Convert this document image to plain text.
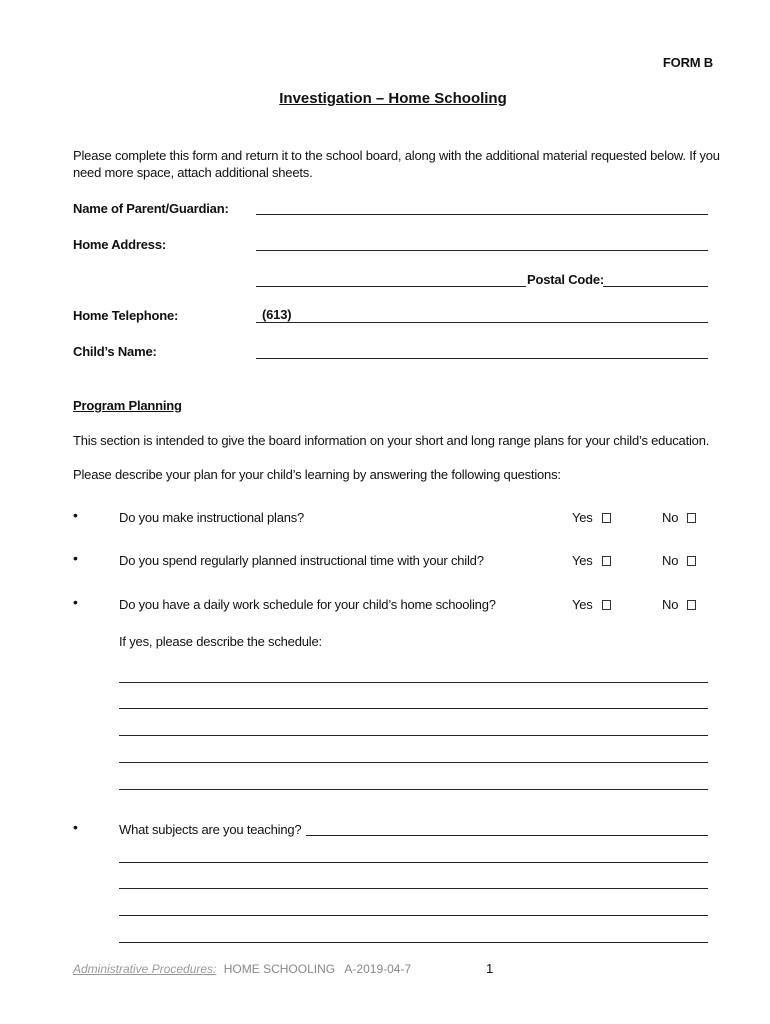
FORM B
Investigation – Home Schooling
Please complete this form and return it to the school board, along with the additional material requested below. If you need more space, attach additional sheets.
Name of Parent/Guardian:
Home Address:
Postal Code:
Home Telephone:	(613)
Child’s Name:
Program Planning
This section is intended to give the board information on your short and long range plans for your child’s education.
Please describe your plan for your child’s learning by answering the following questions:
•	Do you make instructional plans?	Yes	No
•	Do you spend regularly planned instructional time with your child?	Yes	No
•	Do you have a daily work schedule for your child’s home schooling?	Yes	No
If yes, please describe the schedule:
•	What subjects are you teaching?
Administrative Procedures: HOME SCHOOLING   A-2019-04-7	1
